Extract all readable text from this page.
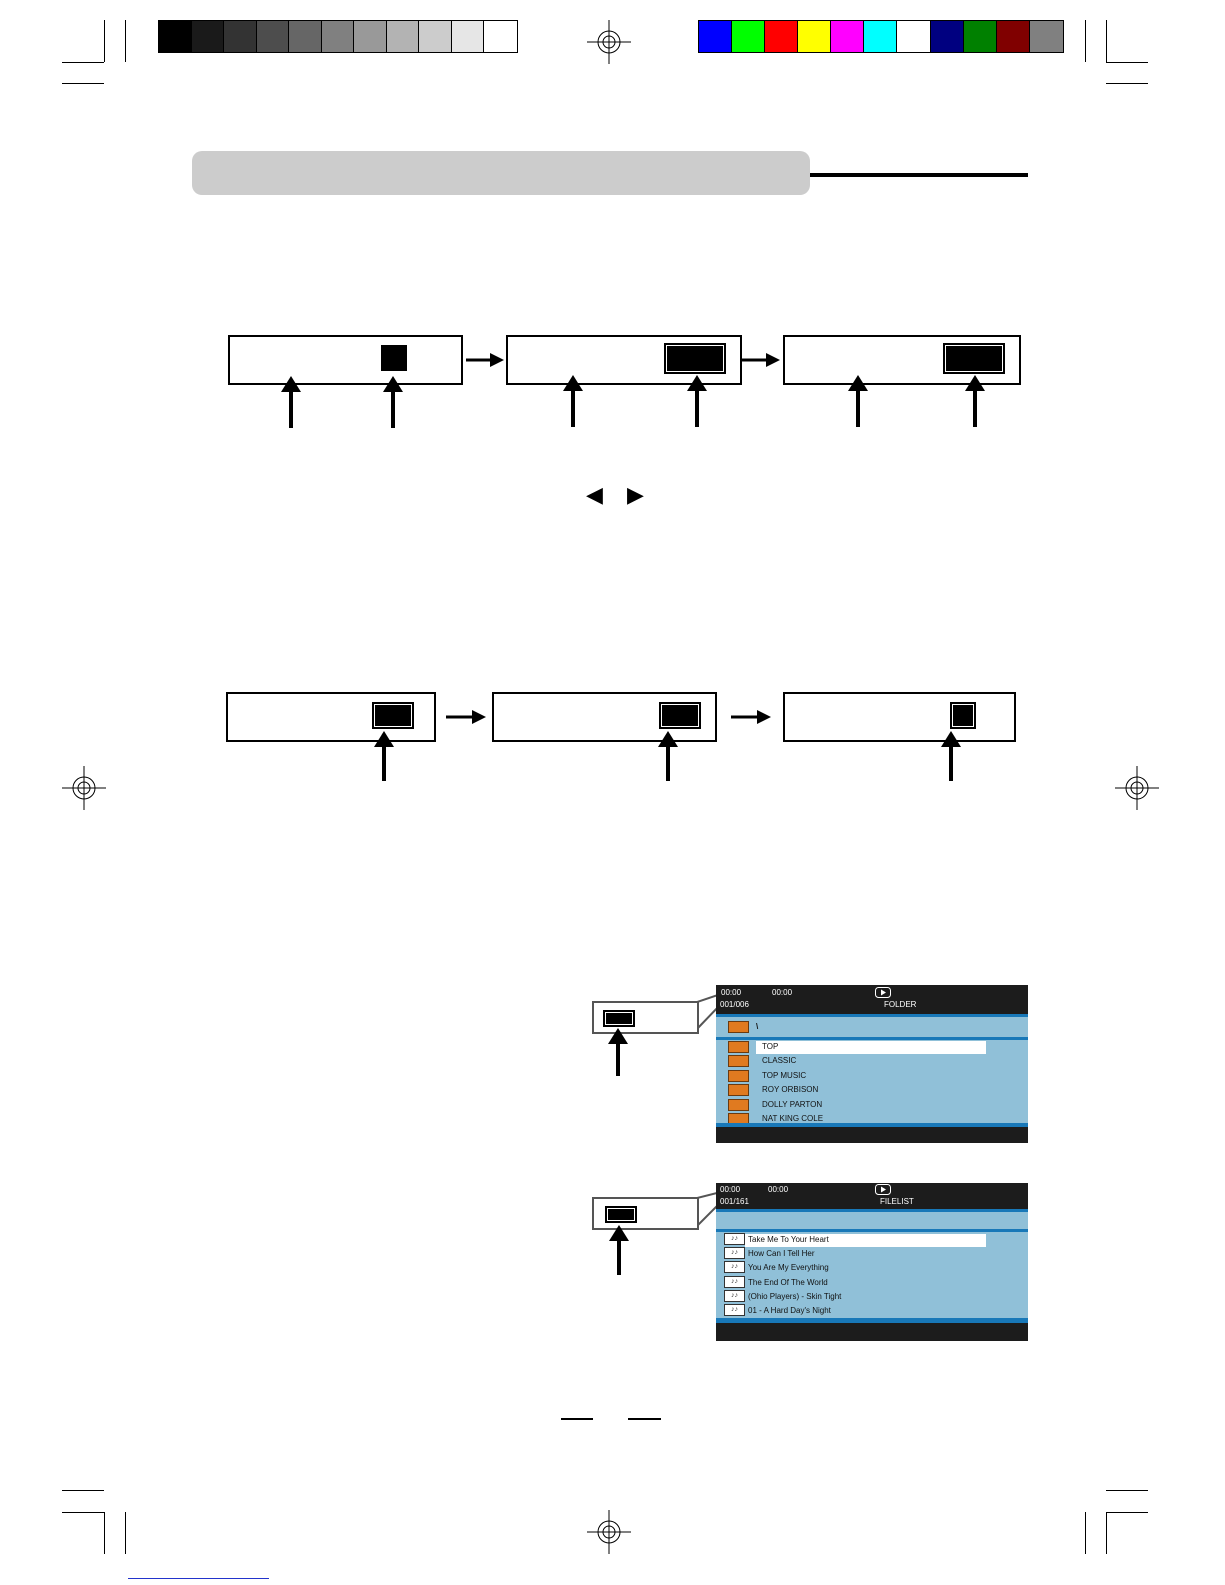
◀ ▶
00:00	00:00
001/006	FOLDER
\
TOP
CLASSIC
TOP MUSIC
ROY ORBISON
DOLLY PARTON
NAT KING COLE
00:00	00:00
001/161	FILELIST
♪♪	Take Me To Your Heart
♪♪	How Can I Tell Her
♪♪	You Are My Everything
♪♪	The End Of The World
♪♪	(Ohio Players) - Skin Tight
♪♪	01 - A Hard Day's Night
